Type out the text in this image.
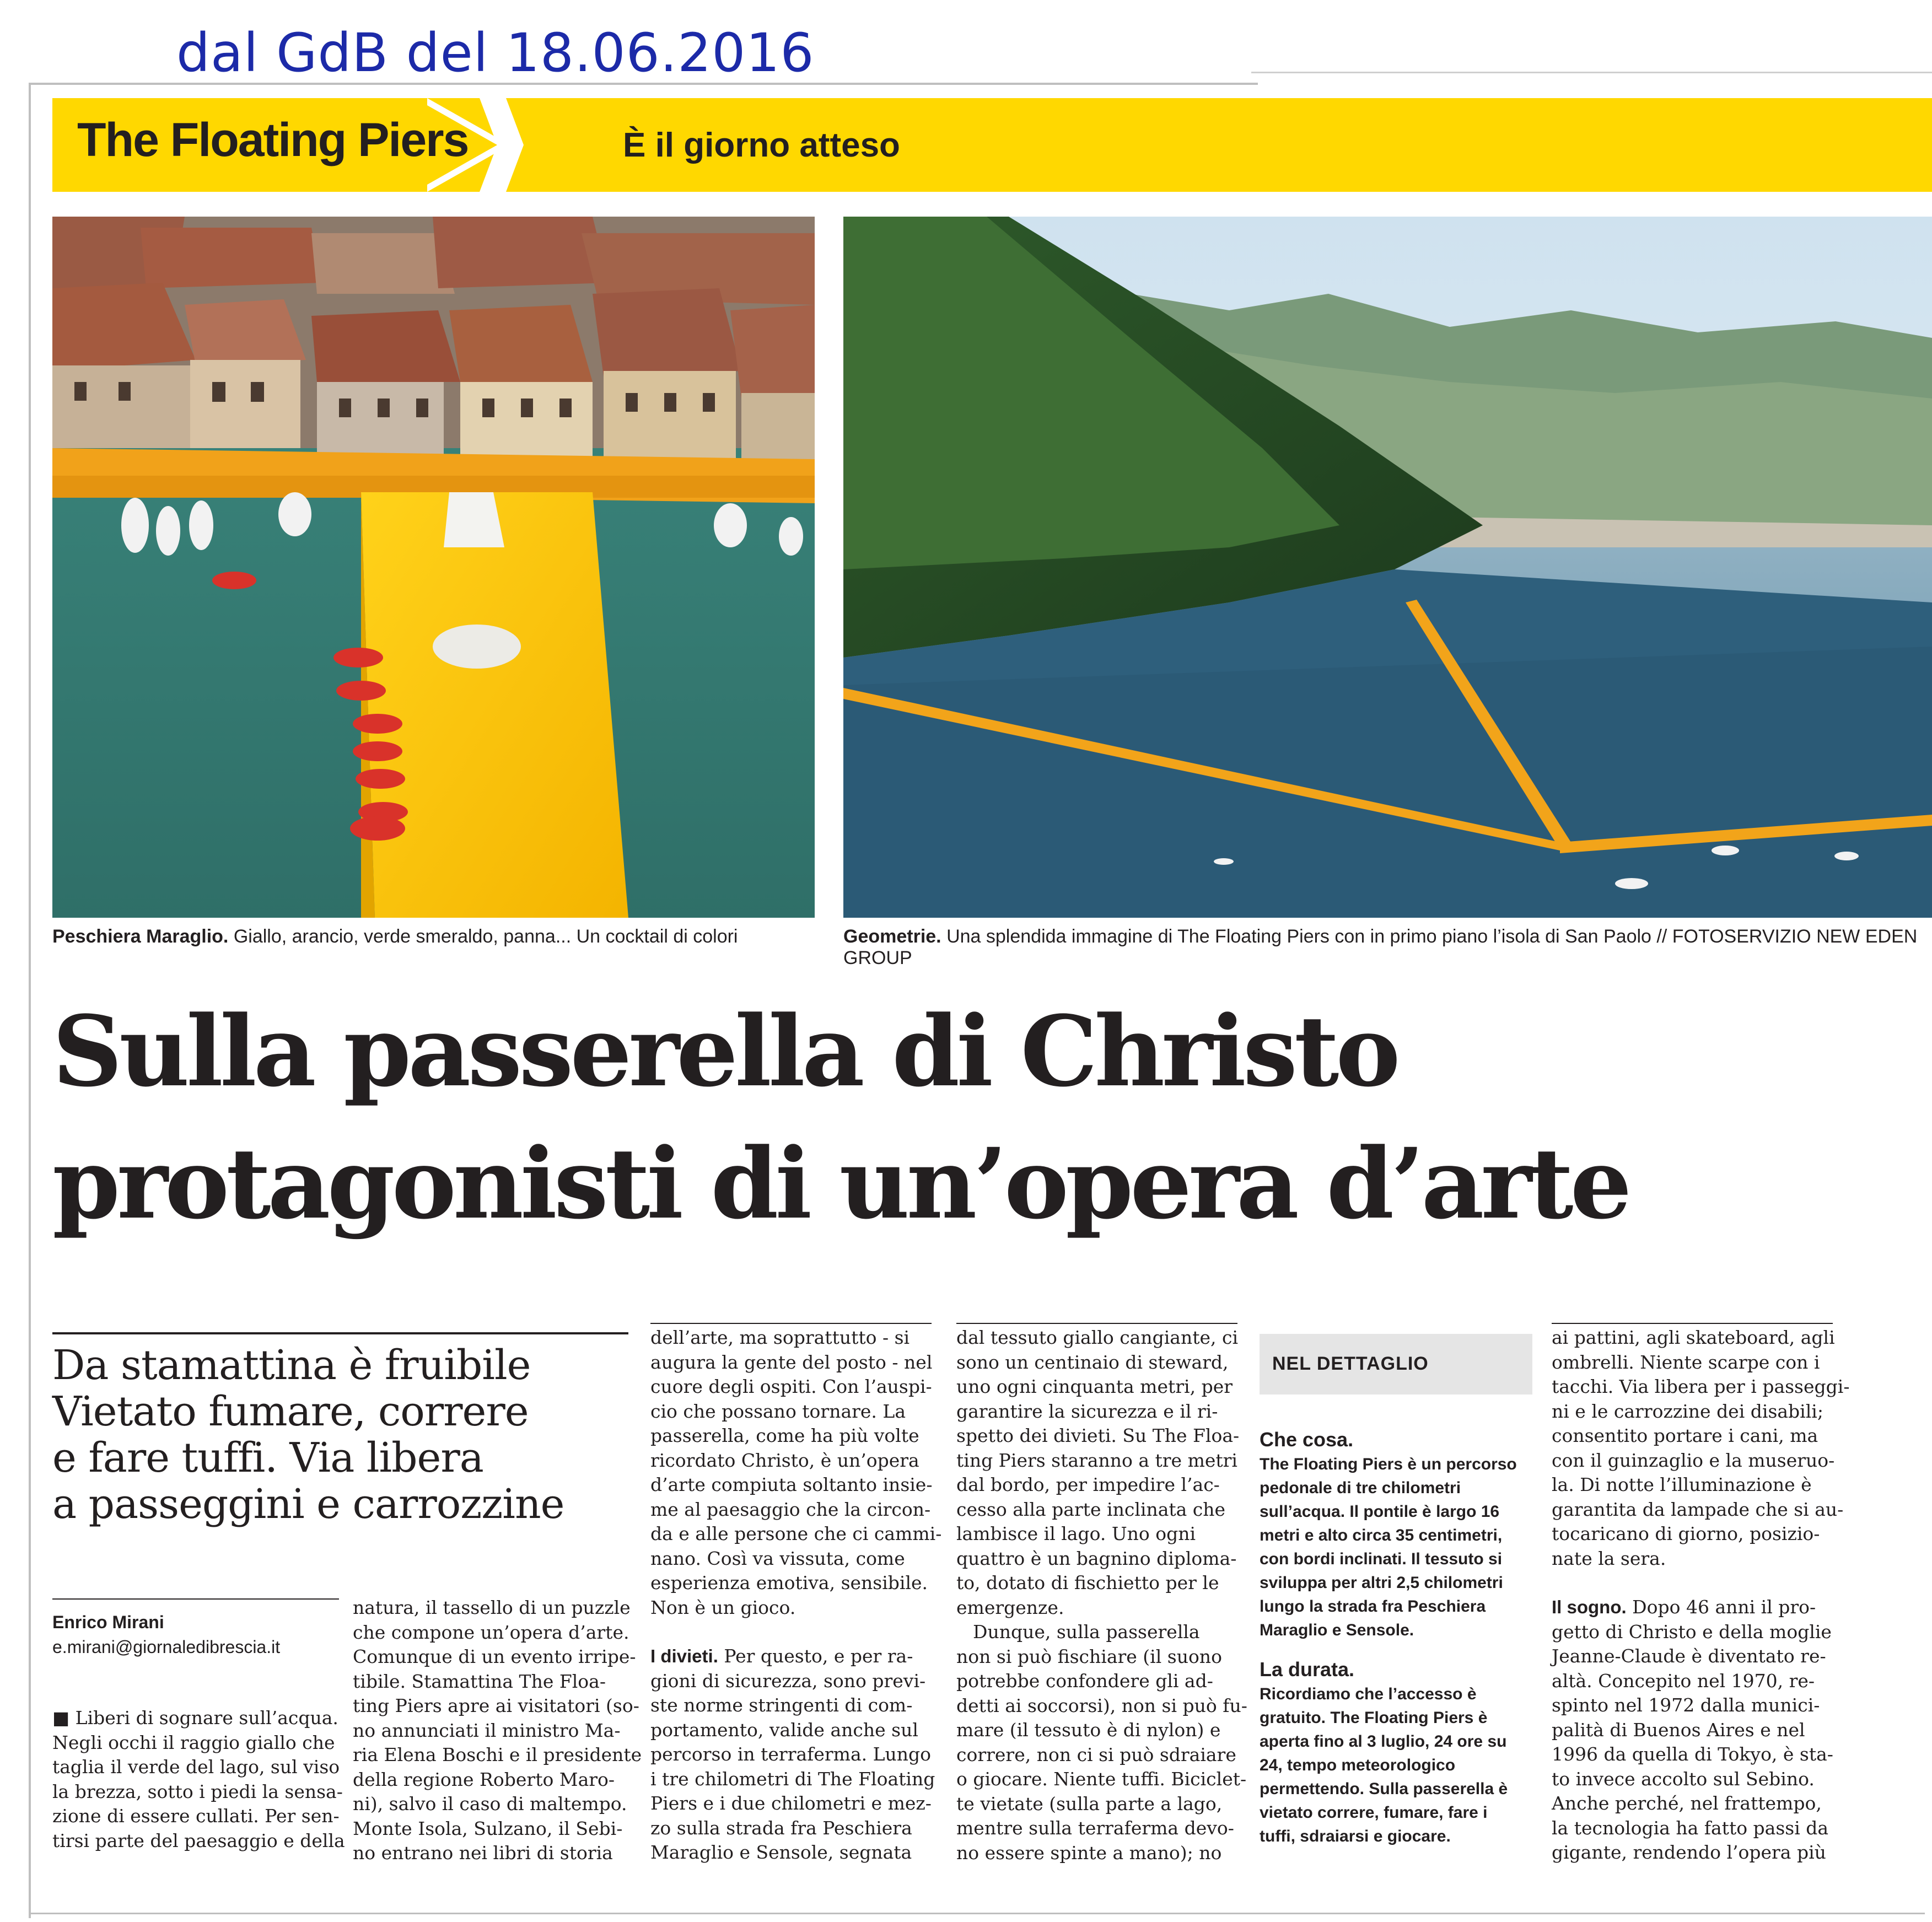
dal GdB del 18.06.2016
The Floating Piers	È il giorno atteso
Peschiera Maraglio. Giallo, arancio, verde smeraldo, panna... Un cocktail di colori	Geometrie. Una splendida immagine di The Floating Piers con in primo piano l’isola di San Paolo // FOTOSERVIZIO NEW EDEN GROUP
Sulla passerella di Christo
protagonisti di un’opera d’arte
Da stamattina è fruibile
Vietato fumare, correre
e fare tuffi. Via libera
a passeggini e carrozzine
Enrico Mirani
e.mirani@giornaledibrescia.it
■ Liberi di sognare sull’acqua.
Negli occhi il raggio giallo che
taglia il verde del lago, sul viso
la brezza, sotto i piedi la sensa-
zione di essere cullati. Per sen-
tirsi parte del paesaggio e della
natura, il tassello di un puzzle
che compone un’opera d’arte.
Comunque di un evento irripe-
tibile. Stamattina The Floa-
ting Piers apre ai visitatori (so-
no annunciati il ministro Ma-
ria Elena Boschi e il presidente
della regione Roberto Maro-
ni), salvo il caso di maltempo.
Monte Isola, Sulzano, il Sebi-
no entrano nei libri di storia
dell’arte, ma soprattutto - si
augura la gente del posto - nel
cuore degli ospiti. Con l’auspi-
cio che possano tornare. La
passerella, come ha più volte
ricordato Christo, è un’opera
d’arte compiuta soltanto insie-
me al paesaggio che la circon-
da e alle persone che ci cammi-
nano. Così va vissuta, come
esperienza emotiva, sensibile.
Non è un gioco.
I divieti. Per questo, e per ra-
gioni di sicurezza, sono previ-
ste norme stringenti di com-
portamento, valide anche sul
percorso in terraferma. Lungo
i tre chilometri di The Floating
Piers e i due chilometri e mez-
zo sulla strada fra Peschiera
Maraglio e Sensole, segnata
dal tessuto giallo cangiante, ci
sono un centinaio di steward,
uno ogni cinquanta metri, per
garantire la sicurezza e il ri-
spetto dei divieti. Su The Floa-
ting Piers staranno a tre metri
dal bordo, per impedire l’ac-
cesso alla parte inclinata che
lambisce il lago. Uno ogni
quattro è un bagnino diploma-
to, dotato di fischietto per le
emergenze.
Dunque, sulla passerella
non si può fischiare (il suono
potrebbe confondere gli ad-
detti ai soccorsi), non si può fu-
mare (il tessuto è di nylon) e
correre, non ci si può sdraiare
o giocare. Niente tuffi. Biciclet-
te vietate (sulla parte a lago,
mentre sulla terraferma devo-
no essere spinte a mano); no
NEL DETTAGLIO
Che cosa.
The Floating Piers è un percorso
pedonale di tre chilometri
sull’acqua. Il pontile è largo 16
metri e alto circa 35 centimetri,
con bordi inclinati. Il tessuto si
sviluppa per altri 2,5 chilometri
lungo la strada fra Peschiera
Maraglio e Sensole.
La durata.
Ricordiamo che l’accesso è
gratuito. The Floating Piers è
aperta fino al 3 luglio, 24 ore su
24, tempo meteorologico
permettendo. Sulla passerella è
vietato correre, fumare, fare i
tuffi, sdraiarsi e giocare.
ai pattini, agli skateboard, agli
ombrelli. Niente scarpe con i
tacchi. Via libera per i passeggi-
ni e le carrozzine dei disabili;
consentito portare i cani, ma
con il guinzaglio e la museruo-
la. Di notte l’illuminazione è
garantita da lampade che si au-
tocaricano di giorno, posizio-
nate la sera.
Il sogno. Dopo 46 anni il pro-
getto di Christo e della moglie
Jeanne-Claude è diventato re-
altà. Concepito nel 1970, re-
spinto nel 1972 dalla munici-
palità di Buenos Aires e nel
1996 da quella di Tokyo, è sta-
to invece accolto sul Sebino.
Anche perché, nel frattempo,
la tecnologia ha fatto passi da
gigante, rendendo l’opera più
